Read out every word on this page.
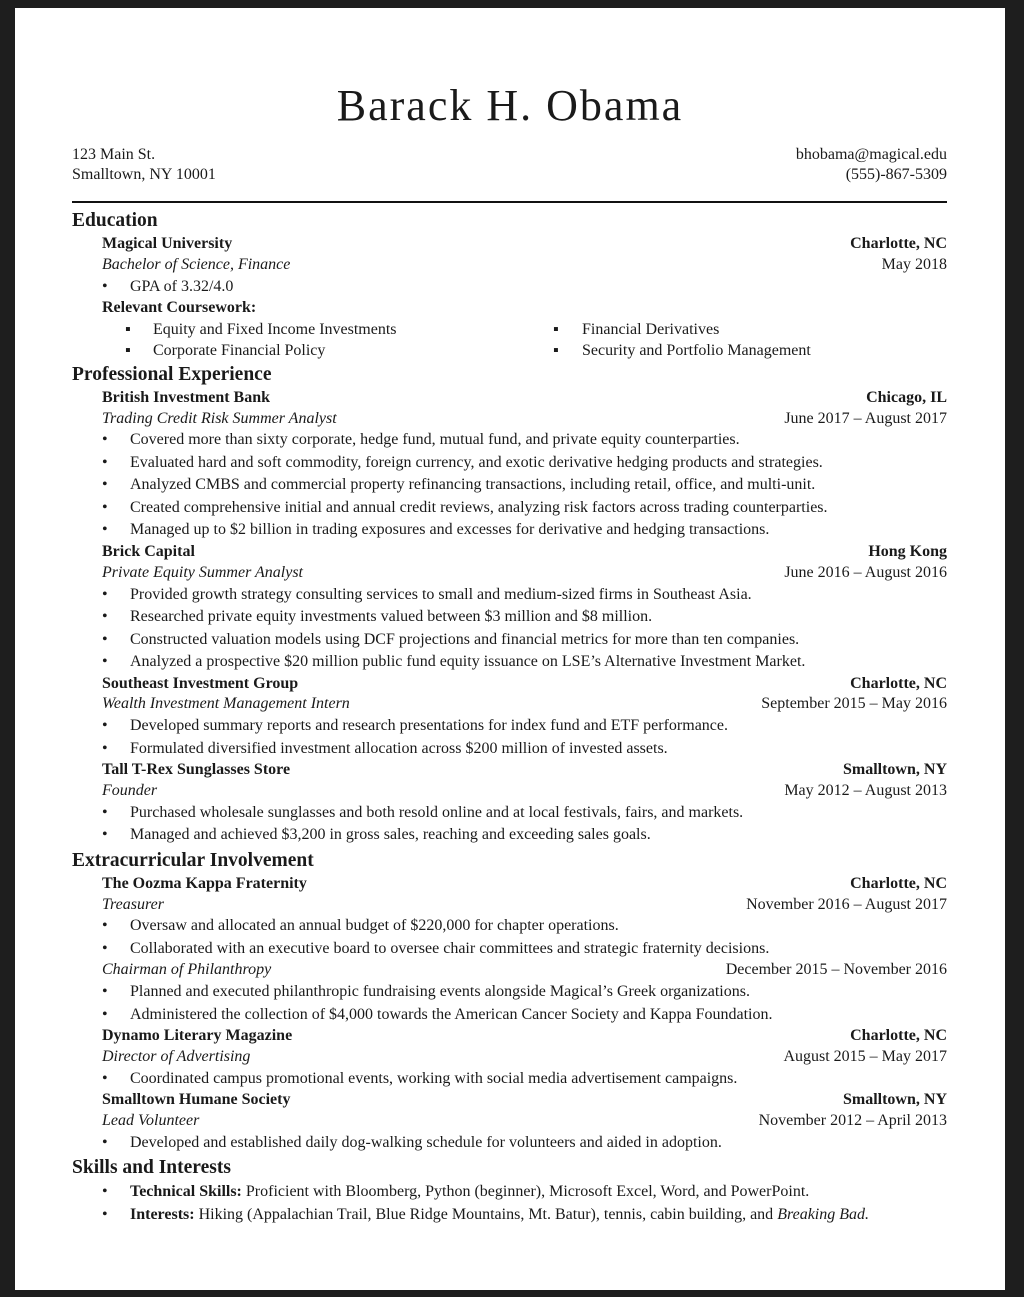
Barack H. Obama
123 Main St.
Smalltown, NY 10001
bhobama@magical.edu
(555)-867-5309
Education
Magical University	Charlotte, NC
Bachelor of Science, Finance	May 2018
• GPA of 3.32/4.0
Relevant Coursework:
▪ Equity and Fixed Income Investments	▪ Financial Derivatives
▪ Corporate Financial Policy	▪ Security and Portfolio Management
Professional Experience
British Investment Bank	Chicago, IL
Trading Credit Risk Summer Analyst	June 2017 – August 2017
• Covered more than sixty corporate, hedge fund, mutual fund, and private equity counterparties.
• Evaluated hard and soft commodity, foreign currency, and exotic derivative hedging products and strategies.
• Analyzed CMBS and commercial property refinancing transactions, including retail, office, and multi-unit.
• Created comprehensive initial and annual credit reviews, analyzing risk factors across trading counterparties.
• Managed up to $2 billion in trading exposures and excesses for derivative and hedging transactions.
Brick Capital	Hong Kong
Private Equity Summer Analyst	June 2016 – August 2016
• Provided growth strategy consulting services to small and medium-sized firms in Southeast Asia.
• Researched private equity investments valued between $3 million and $8 million.
• Constructed valuation models using DCF projections and financial metrics for more than ten companies.
• Analyzed a prospective $20 million public fund equity issuance on LSE’s Alternative Investment Market.
Southeast Investment Group	Charlotte, NC
Wealth Investment Management Intern	September 2015 – May 2016
• Developed summary reports and research presentations for index fund and ETF performance.
• Formulated diversified investment allocation across $200 million of invested assets.
Tall T-Rex Sunglasses Store	Smalltown, NY
Founder	May 2012 – August 2013
• Purchased wholesale sunglasses and both resold online and at local festivals, fairs, and markets.
• Managed and achieved $3,200 in gross sales, reaching and exceeding sales goals.
Extracurricular Involvement
The Oozma Kappa Fraternity	Charlotte, NC
Treasurer	November 2016 – August 2017
• Oversaw and allocated an annual budget of $220,000 for chapter operations.
• Collaborated with an executive board to oversee chair committees and strategic fraternity decisions.
Chairman of Philanthropy	December 2015 – November 2016
• Planned and executed philanthropic fundraising events alongside Magical’s Greek organizations.
• Administered the collection of $4,000 towards the American Cancer Society and Kappa Foundation.
Dynamo Literary Magazine	Charlotte, NC
Director of Advertising	August 2015 – May 2017
• Coordinated campus promotional events, working with social media advertisement campaigns.
Smalltown Humane Society	Smalltown, NY
Lead Volunteer	November 2012 – April 2013
• Developed and established daily dog-walking schedule for volunteers and aided in adoption.
Skills and Interests
• Technical Skills: Proficient with Bloomberg, Python (beginner), Microsoft Excel, Word, and PowerPoint.
• Interests: Hiking (Appalachian Trail, Blue Ridge Mountains, Mt. Batur), tennis, cabin building, and Breaking Bad.
